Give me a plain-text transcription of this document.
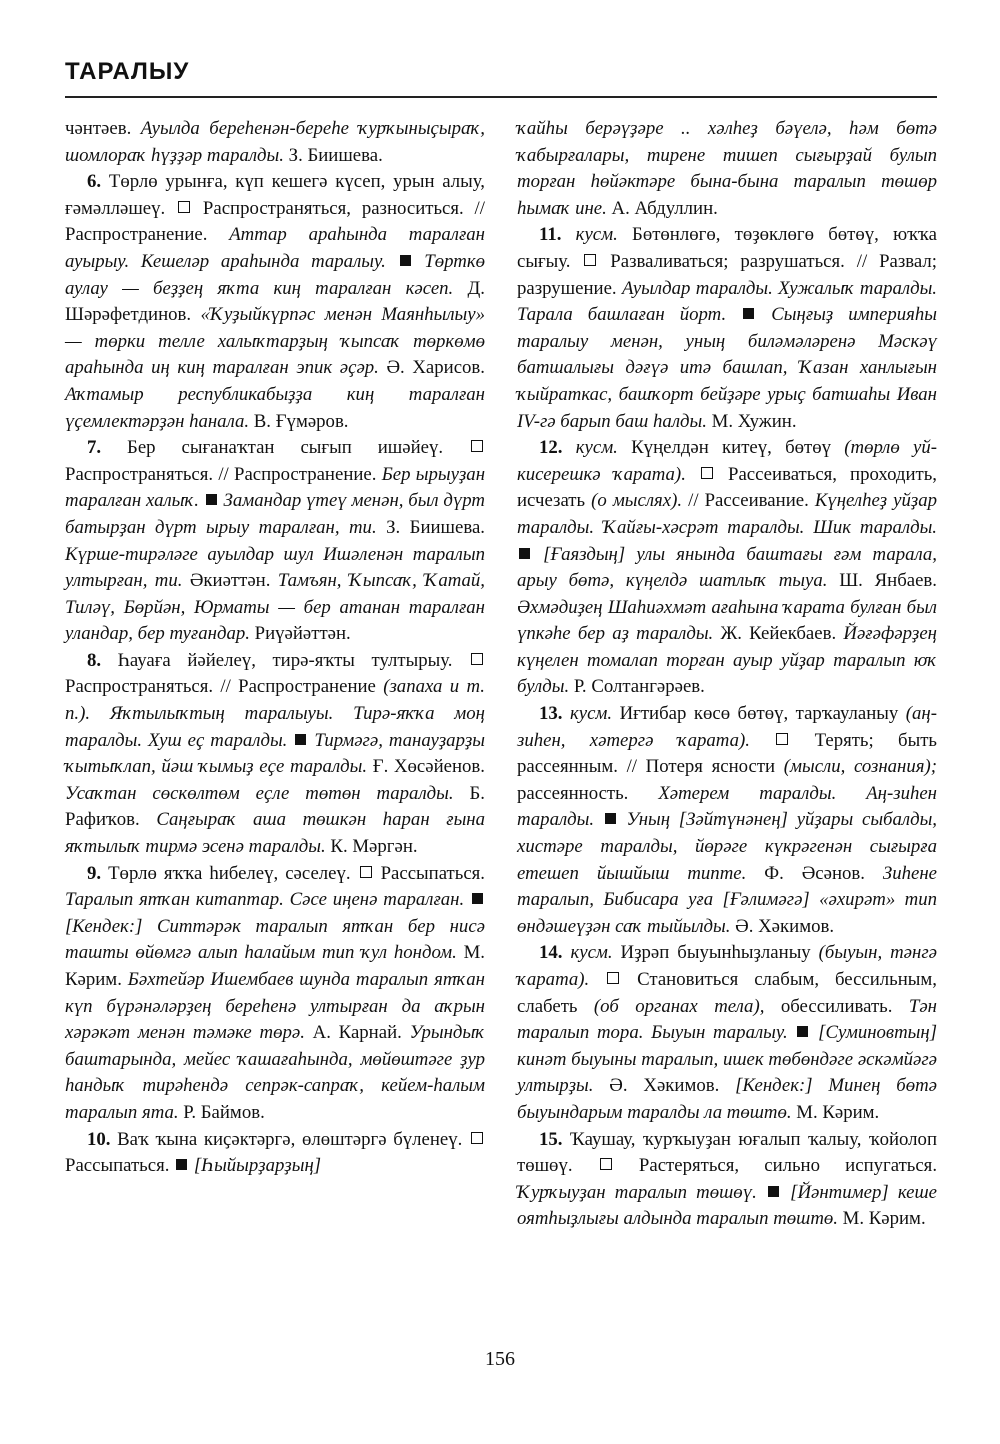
ТАРАЛЫУ

чәнтәев. Ауылда береһенән-береһе ҡурҡыныҫыраҡ, шомлораҡ һүҙҙәр таралды. З. Биишева.

6. Төрлө урынға, күп кешегә күсеп, урын алыу, ғәмәлләшеү.  Распространяться, разноситься. // Распространение. Аттар араһында таралған ауырыу. Кешеләр араһында таралыу.  Төрткө аулау — беҙҙең яҡта киң таралған кәсеп. Д. Шәрәфетдинов. «Ҡуҙыйкүрпәс менән Маянһылыу» — төрки телле халыҡтарҙың ҡыпсаҡ төркөмө араһында иң киң таралған эпик әҫәр. Ә. Харисов. Аҡтамыр республикабыҙҙа киң таралған үҫемлектәрҙән һанала. В. Ғүмәров.

7. Бер сығанаҡтан сығып ишәйеү.  Распространяться. // Распространение. Бер ырыуҙан таралған халыҡ.  Замандар үтеү менән, был дүрт батырҙан дүрт ырыу таралған, ти. З. Биишева. Күрше-тирәләге ауылдар шул Ишәленән таралып ултырған, ти. Әкиәттән. Тамъян, Ҡыпсаҡ, Ҡатай, Тиләү, Бөрйән, Юрматы — бер атанан таралған уландар, бер туғандар. Риүәйәттән.

8. Һауаға йәйелеү, тирә-яҡты тултырыу.  Распространяться. // Распространение (запаха и т. п.). Яҡтылыҡтың таралыуы. Тирә-яҡҡа моң таралды. Хуш еҫ таралды.  Тирмәгә, танауҙарҙы ҡытыҡлап, йәш ҡымыҙ еҫе таралды. Ғ. Хөсәйенов. Усаҡтан сөскөлтөм еҫле төтөн таралды. Б. Рафиҡов. Саңғыраҡ аша төшкән һаран ғына яҡтылыҡ тирмә эсенә таралды. К. Мәргән.

9. Төрлө яҡҡа һибелеү, сәселеү.  Рассыпаться. Таралып ятҡан китаптар. Сәсе иңенә таралған.  [Кендек:] Ситтәрәк таралып ятҡан бер нисә ташты өйөмгә алып һалайым тип ҡул һондом. М. Кәрим. Бәхтейәр Ишембаев шунда таралып ятҡан күп бүрәнәләрҙең береһенә ултырған да аҡрын хәрәкәт менән тәмәке төрә. А. Карнай. Урындыҡ баштарында, мейес ҡашағаһында, мөйөштәге ҙур һандыҡ тирәһендә сепрәк-сапраҡ, кейем-һалым таралып ята. Р. Баймов.

10. Ваҡ ҡына киҫәктәргә, өлөштәргә бүленеү.  Рассыпаться.  [Һыйырҙарҙың]

ҡайһы берәүҙәре .. хәлһеҙ бәүелә, һәм бөтә ҡабырғалары, тирене тишеп сығырҙай булып торған һөйәктәре бына-бына таралып төшөр һымаҡ ине. А. Абдуллин.

11. кусм. Бөтөнлөгө, төҙөклөгө бөтөү, юҡҡа сығыу.  Разваливаться; разрушаться. // Развал; разрушение. Ауылдар таралды. Хужалыҡ таралды. Тарала башлаған йорт.  Сыңғыҙ империяһы таралыу менән, уның биләмәләренә Мәскәү батшалығы дәғүә итә башлап, Ҡазан ханлығын ҡыйраткас, башҡорт бейҙәре урыҫ батшаһы Иван IV-гә барып баш һалды. М. Хужин.

12. кусм. Күңелдән китеү, бөтөү (төрлө уй-кисерешкә ҡарата).  Рассеиваться, проходить, исчезать (о мыслях). // Рассеивание. Күңелһеҙ уйҙар таралды. Ҡайғы-хәсрәт таралды. Шик таралды.  [Ғаяздың] улы янында баштағы ғәм тарала, арыу бөтә, күңелдә шатлыҡ тыуа. Ш. Янбаев. Әхмәдиҙең Шаһиәхмәт ағаһына ҡарата булған был үпкәһе бер аҙ таралды. Ж. Кейекбаев. Йәғәфәрҙең күңелен томалап торған ауыр уйҙар таралып юҡ булды. Р. Солтангәрәев.

13. кусм. Иғтибар көсө бөтөү, тарҡауланыу (аң-зиһен, хәтергә ҡарата).  Терять; быть рассеянным. // Потеря ясности (мысли, сознания); рассеянность. Хәтерем таралды. Аң-зиһен таралды.  Уның [Зәйтүнәнең] уйҙары сыбалды, хистәре таралды, йөрәге күкрәгенән сығырға етешеп йышйыш типте. Ф. Әсәнов. Зиһене таралып, Бибисара уға [Ғәлимәгә] «әхирәт» тип өндәшеүҙән саҡ тыйылды. Ә. Хәкимов.

14. кусм. Иҙрәп быуынһыҙланыу (быуын, тәнгә ҡарата).  Становиться слабым, бессильным, слабеть (об органах тела), обессиливать. Тән таралып тора. Быуын таралыу.  [Суминовтың] кинәт быуыны таралып, ишек төбөндәге әскәмйәгә ултырҙы. Ә. Хәкимов. [Кендек:] Минең бөтә быуындарым таралды ла төштө. М. Кәрим.

15. Ҡаушау, ҡурҡыуҙан юғалып ҡалыу, ҡойолоп төшөү.  Растеряться, сильно испугаться. Ҡурҡыуҙан таралып төшөү.  [Йәнтимер] кеше оятһыҙлығы алдында таралып төштө. М. Кәрим.

156
